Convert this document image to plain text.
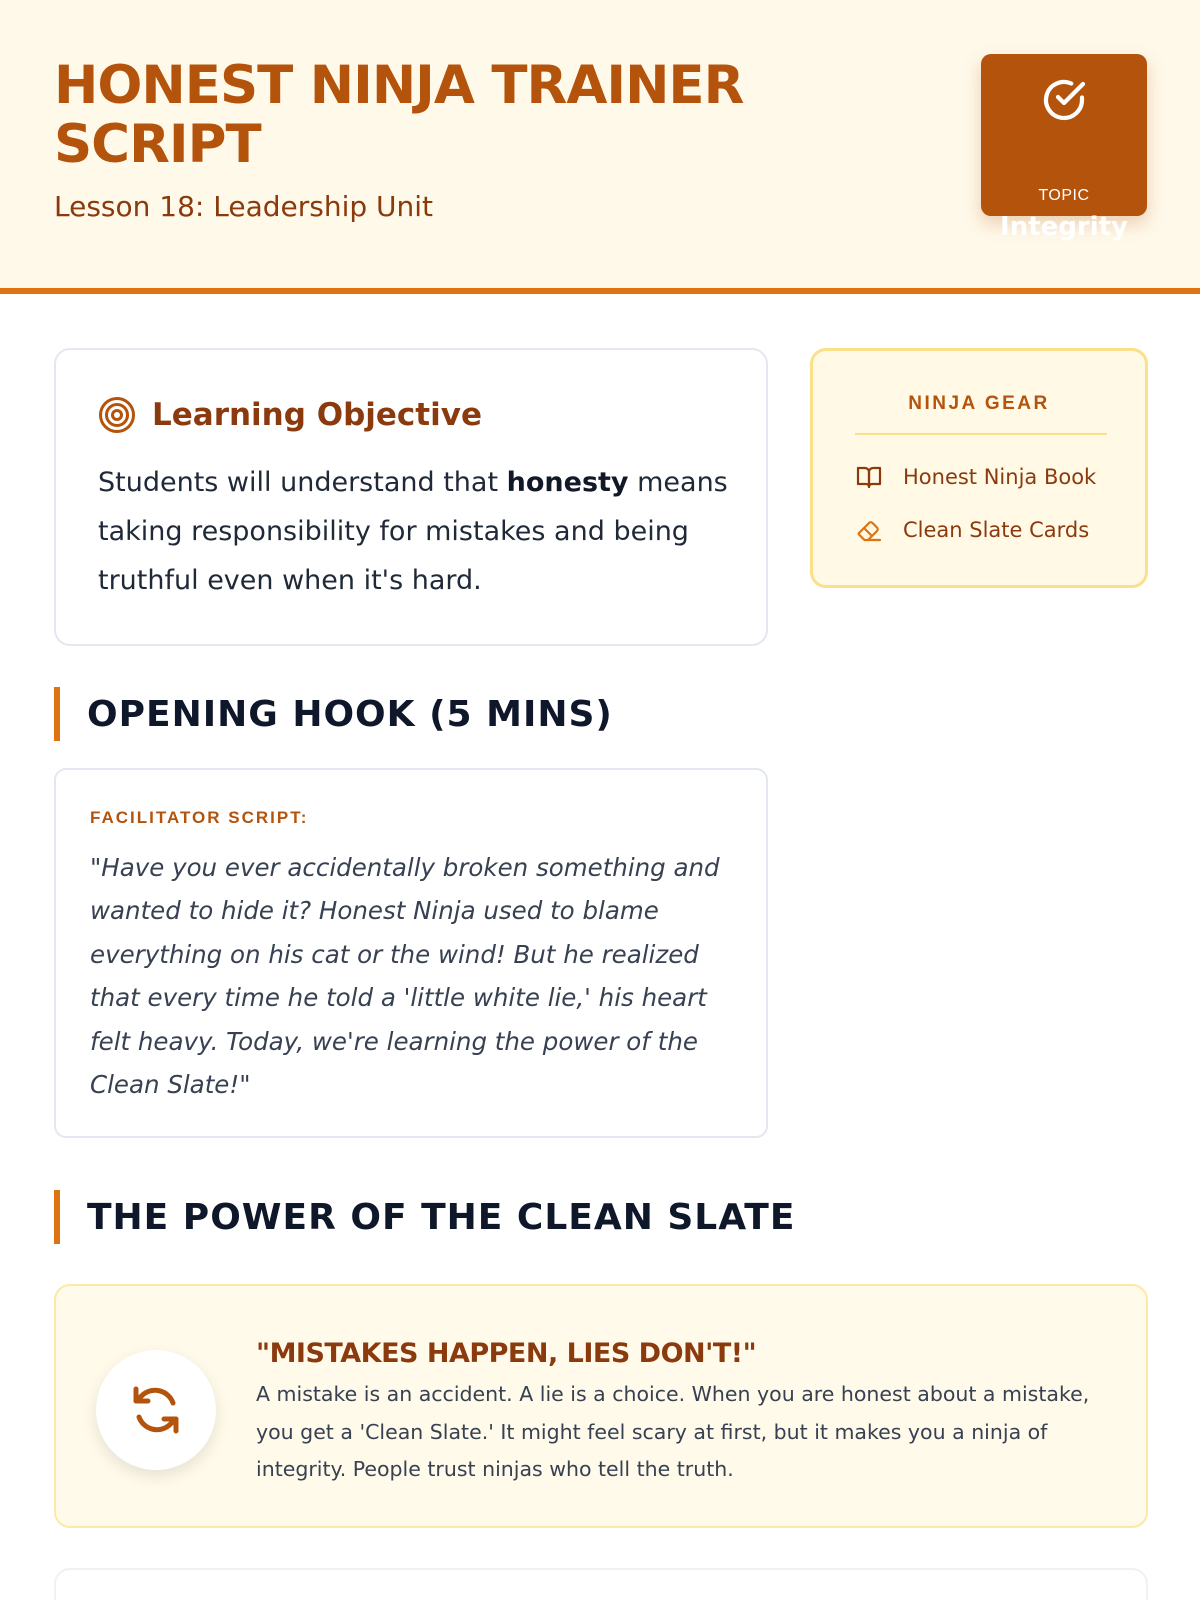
HONEST NINJA TRAINER SCRIPT
Lesson 18: Leadership Unit	TOPIC
Integrity
Learning Objective

Students will understand that honesty means taking responsibility for mistakes and being truthful even when it's hard.

NINJA GEAR
Honest Ninja Book
Clean Slate Cards
OPENING HOOK (5 MINS)
FACILITATOR SCRIPT:

"Have you ever accidentally broken something and wanted to hide it? Honest Ninja used to blame everything on his cat or the wind! But he realized that every time he told a 'little white lie,' his heart felt heavy. Today, we're learning the power of the Clean Slate!"

THE POWER OF THE CLEAN SLATE
"MISTAKES HAPPEN, LIES DON'T!"

A mistake is an accident. A lie is a choice. When you are honest about a mistake, you get a 'Clean Slate.' It might feel scary at first, but it makes you a ninja of integrity. People trust ninjas who tell the truth.
